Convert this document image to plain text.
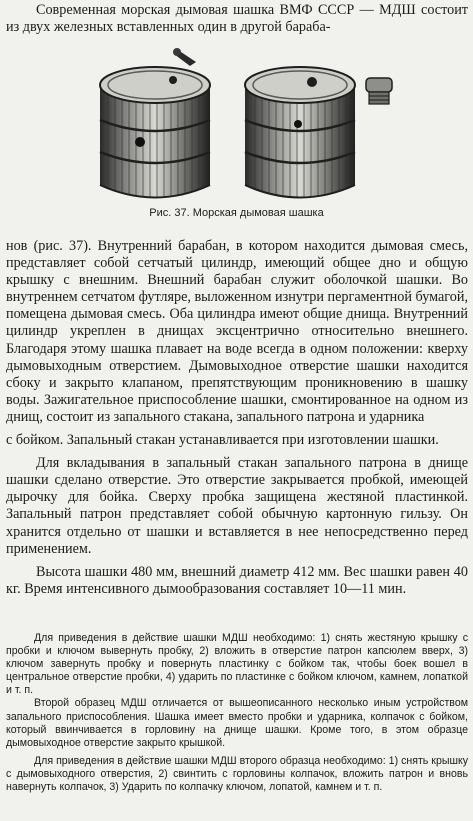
Современная морская дымовая шашка ВМФ СССР — МДШ состоит из двух железных вставленных один в другой бараба-

Рис. 37. Морская дымовая шашка

нов (рис. 37). Внутренний барабан, в котором находится дымовая смесь, представляет собой сетчатый цилиндр, имеющий общее дно и общую крышку с внешним. Внешний барабан служит оболочкой шашки. Во внутреннем сетчатом футляре, выложенном изнутри пергаментной бумагой, помещена дымовая смесь. Оба цилиндра имеют общие днища. Внутренний цилиндр укреплен в днищах эксцентрично относительно внешнего. Благодаря этому шашка плавает на воде всегда в одном положении: кверху дымовыходным отверстием. Дымовыходное отверстие шашки находится сбоку и закрыто клапаном, препятствующим проникновению в шашку воды. Зажигательное приспособление шашки, смонтированное на одном из днищ, состоит из запального стакана, запального патрона и ударника

с бойком. Запальный стакан устанавливается при изготовлении шашки.

Для вкладывания в запальный стакан запального патрона в днище шашки сделано отверстие. Это отверстие закрывается пробкой, имеющей дырочку для бойка. Сверху пробка защищена жестяной пластинкой. Запальный патрон представляет собой обычную картонную гильзу. Он хранится отдельно от шашки и вставляется в нее непосредственно перед применением.

Высота шашки 480 мм, внешний диаметр 412 мм. Вес шашки равен 40 кг. Время интенсивного дымообразования составляет 10—11 мин.

Для приведения в действие шашки МДШ необходимо: 1) снять жестяную крышку с пробки и ключом вывернуть пробку, 2) вложить в отверстие патрон капсюлем вверх, 3) ключом завернуть пробку и повернуть пластинку с бойком так, чтобы боек вошел в центральное отверстие пробки, 4) ударить по пластинке с бойком ключом, камнем, лопаткой и т. п.

Второй образец МДШ отличается от вышеописанного несколько иным устройством запального приспособления. Шашка имеет вместо пробки и ударника, колпачок с бойком, который ввинчивается в горловину на днище шашки. Кроме того, в этом образце дымовыходное отверстие закрыто крышкой.

Для приведения в действие шашки МДШ второго образца необходимо: 1) снять крышку с дымовыходного отверстия, 2) свинтить с горловины колпачок, вложить патрон и вновь навернуть колпачок, 3) Ударить по колпачку ключом, лопатой, камнем и т. п.
